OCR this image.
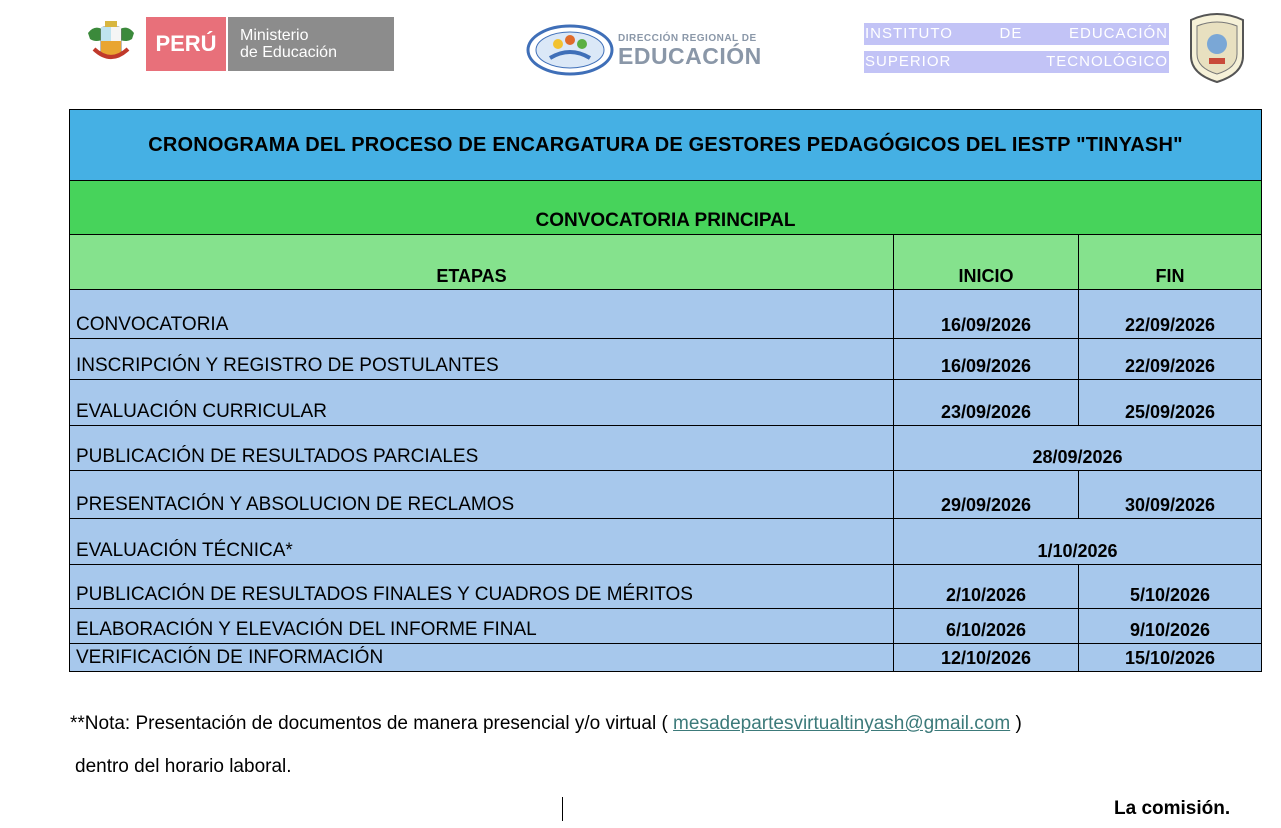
PERÚ	Ministerio
de Educación
DIRECCIÓN REGIONAL DE
EDUCACIÓN
INSTITUTO	DE	EDUCACIÓN
SUPERIOR	TECNOLÓGICO
CRONOGRAMA DEL PROCESO DE ENCARGATURA DE GESTORES PEDAGÓGICOS DEL IESTP "TINYASH"
CONVOCATORIA PRINCIPAL
ETAPAS	INICIO	FIN
CONVOCATORIA	16/09/2026	22/09/2026
INSCRIPCIÓN Y REGISTRO DE POSTULANTES	16/09/2026	22/09/2026
EVALUACIÓN CURRICULAR	23/09/2026	25/09/2026
PUBLICACIÓN DE RESULTADOS PARCIALES	28/09/2026
PRESENTACIÓN Y ABSOLUCION DE RECLAMOS	29/09/2026	30/09/2026
EVALUACIÓN TÉCNICA*	1/10/2026
PUBLICACIÓN DE RESULTADOS FINALES Y CUADROS DE MÉRITOS	2/10/2026	5/10/2026
ELABORACIÓN Y ELEVACIÓN DEL INFORME FINAL	6/10/2026	9/10/2026
VERIFICACIÓN DE INFORMACIÓN	12/10/2026	15/10/2026
**Nota: Presentación de documentos de manera presencial y/o virtual ( mesadepartesvirtualtinyash@gmail.com )
dentro del horario laboral.
La comisión.
